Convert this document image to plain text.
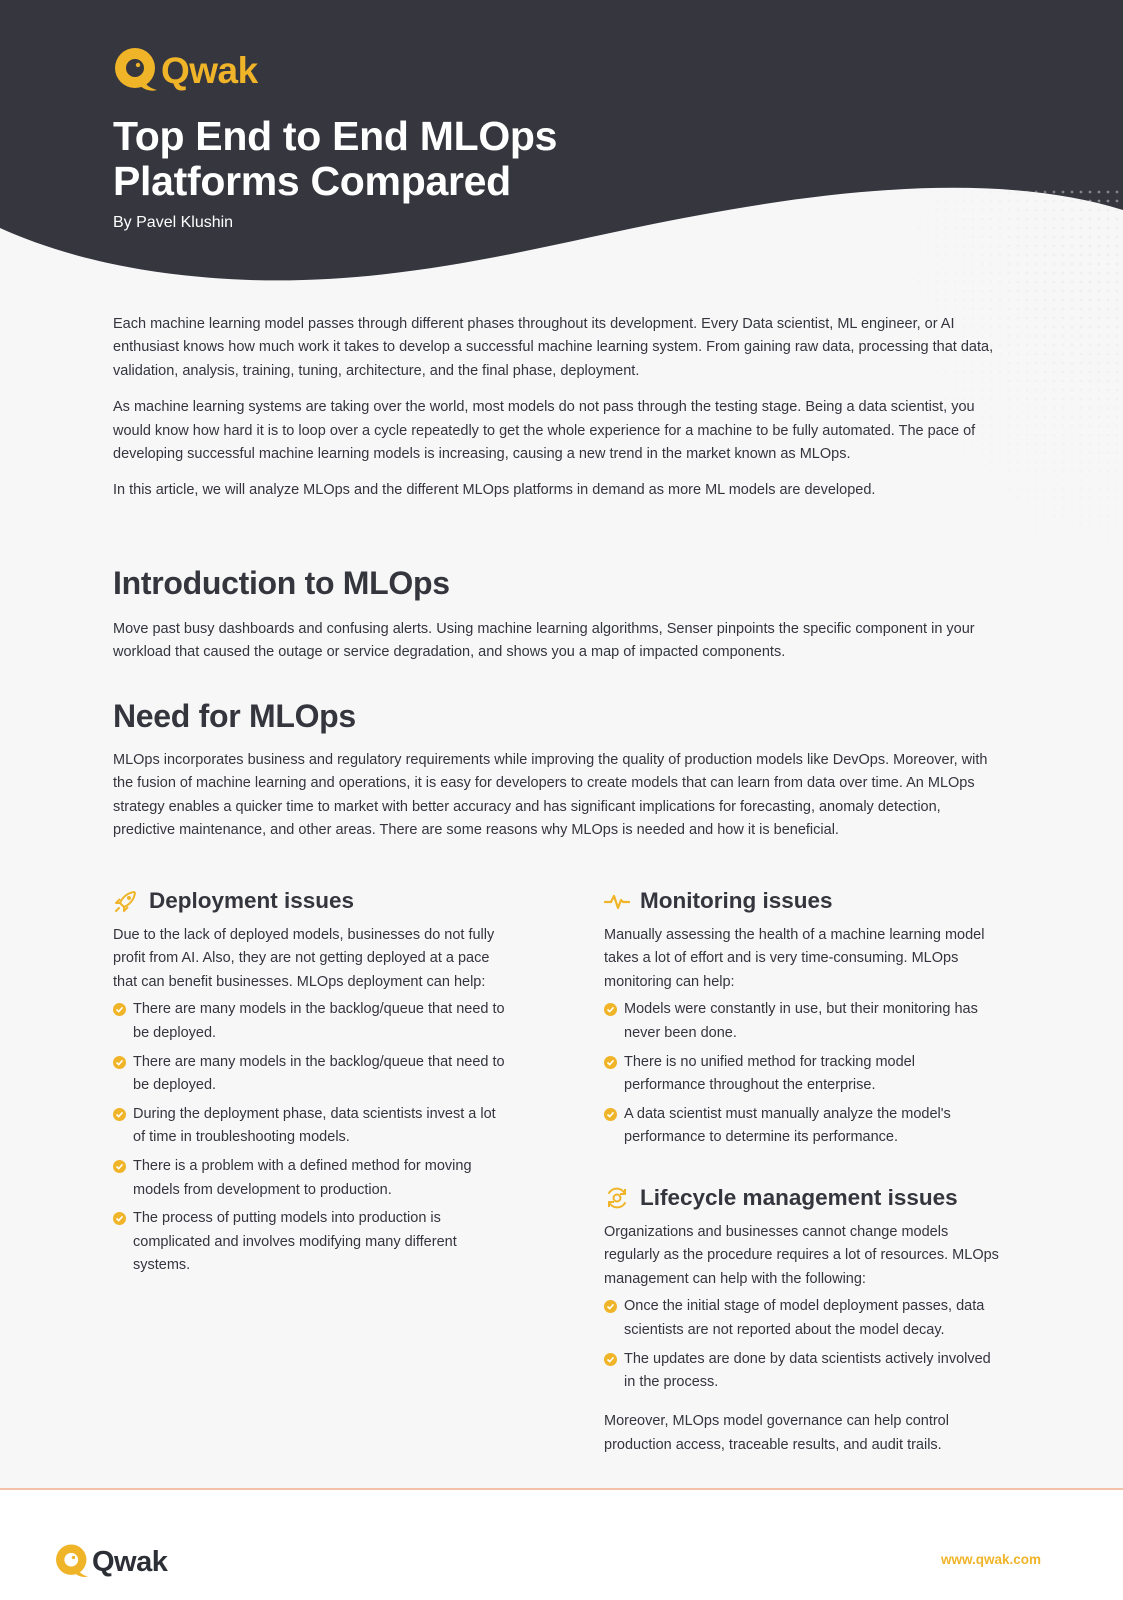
Qwak
Top End to End MLOps
Platforms Compared

By Pavel Klushin

Each machine learning model passes through different phases throughout its development. Every Data scientist, ML engineer, or AI enthusiast knows how much work it takes to develop a successful machine learning system. From gaining raw data, processing that data, validation, analysis, training, tuning, architecture, and the final phase, deployment.

As machine learning systems are taking over the world, most models do not pass through the testing stage. Being a data scientist, you would know how hard it is to loop over a cycle repeatedly to get the whole experience for a machine to be fully automated. The pace of developing successful machine learning models is increasing, causing a new trend in the market known as MLOps.

In this article, we will analyze MLOps and the different MLOps platforms in demand as more ML models are developed.

Introduction to MLOps

Move past busy dashboards and confusing alerts. Using machine learning algorithms, Senser pinpoints the specific component in your workload that caused the outage or service degradation, and shows you a map of impacted components.

Need for MLOps

MLOps incorporates business and regulatory requirements while improving the quality of production models like DevOps. Moreover, with the fusion of machine learning and operations, it is easy for developers to create models that can learn from data over time. An MLOps strategy enables a quicker time to market with better accuracy and has significant implications for forecasting, anomaly detection, predictive maintenance, and other areas. There are some reasons why MLOps is needed and how it is beneficial.

Deployment issues

Due to the lack of deployed models, businesses do not fully profit from AI. Also, they are not getting deployed at a pace that can benefit businesses. MLOps deployment can help:

There are many models in the backlog/queue that need to be deployed.
There are many models in the backlog/queue that need to be deployed.
During the deployment phase, data scientists invest a lot of time in troubleshooting models.
There is a problem with a defined method for moving models from development to production.
The process of putting models into production is complicated and involves modifying many different systems.
Monitoring issues

Manually assessing the health of a machine learning model takes a lot of effort and is very time-consuming. MLOps monitoring can help:

Models were constantly in use, but their monitoring has never been done.
There is no unified method for tracking model performance throughout the enterprise.
A data scientist must manually analyze the model's performance to determine its performance.
Lifecycle management issues

Organizations and businesses cannot change models regularly as the procedure requires a lot of resources. MLOps management can help with the following:

Once the initial stage of model deployment passes, data scientists are not reported about the model decay.
The updates are done by data scientists actively involved in the process.

Moreover, MLOps model governance can help control production access, traceable results, and audit trails.

Qwak	www.qwak.com
